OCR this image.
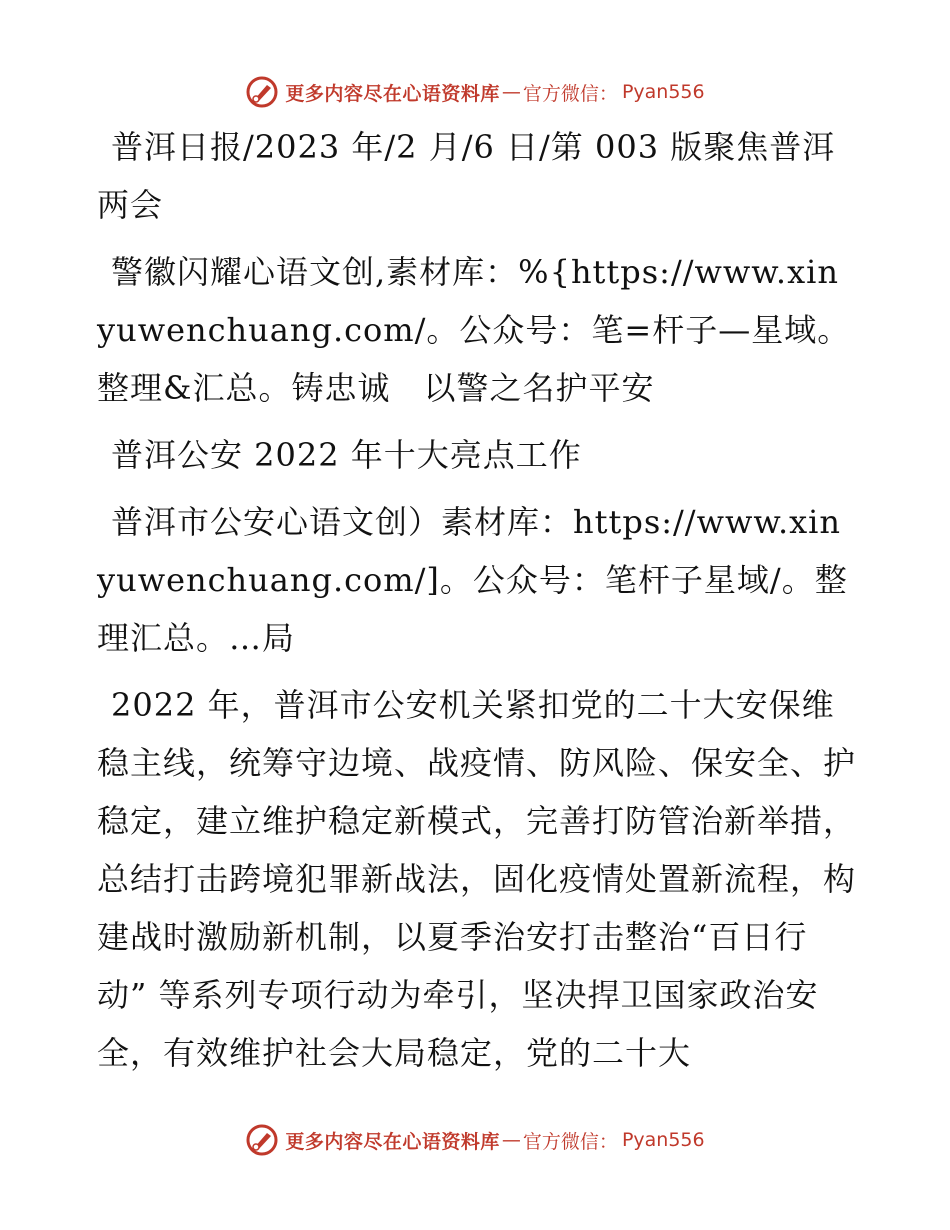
更多内容尽在心语资料库 — 官方微信： Pyan556

普洱日报/2023 年/2 月/6 日/第 003 版聚焦普洱两会

警徽闪耀心语文创,素材库：%{https://www.xinyuwenchuang.com/。公众号：笔=杆子—星域。整理&汇总。铸忠诚　以警之名护平安

普洱公安 2022 年十大亮点工作

普洱市公安心语文创）素材库：https://www.xinyuwenchuang.com/]。公众号：笔杆子星域/。整理汇总。…局

2022 年，普洱市公安机关紧扣党的二十大安保维稳主线，统筹守边境、战疫情、防风险、保安全、护稳定，建立维护稳定新模式，完善打防管治新举措，总结打击跨境犯罪新战法，固化疫情处置新流程，构建战时激励新机制，以夏季治安打击整治“百日行动” 等系列专项行动为牵引，坚决捍卫国家政治安全，有效维护社会大局稳定，党的二十大

更多内容尽在心语资料库 — 官方微信： Pyan556
